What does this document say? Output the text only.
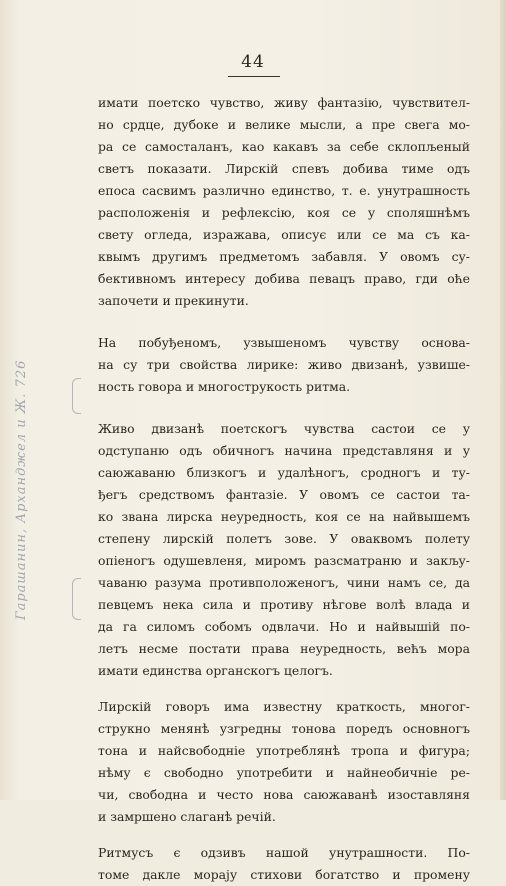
44
имати поетско чувство, живу фантазію, чувствител-
но срдце, дубоке и велике мысли, а пре свега мо-
ра се самосталанъ, као какавъ за себе склопљеный
светъ показати. Лирскій спевъ добива тиме одъ
епоса сасвимъ различно единство, т. е. унутрашность
расположенія и рефлексію, коя се у споляшнѣмъ
свету огледа, изражава, описує или се ма съ ка-
квымъ другимъ предметомъ забавля. У овомъ су-
бективномъ интересу добива певацъ право, гди оће
започети и прекинути.
На побуђеномъ, узвышеномъ чувству основа-
на су три свойства лирике: живо двизанѣ, узвише-
ность говора и многострукость ритма.
Живо двизанѣ поетскогъ чувства састои се у
одступаню одъ обичногъ начина представляня и у
саюжаваню близкогъ и удалѣногъ, сродногъ и ту-
ђегъ средствомъ фантазіе. У овомъ се састои та-
ко звана лирска неуредность, коя се на найвышемъ
степену лирскій полетъ зове. У оваквомъ полету
опіеногъ одушевленя, миромъ разсматраню и закљу-
чаваню разума противположеногъ, чини намъ се, да
певцемъ нека сила и противу нѣгове волѣ влада и
да га силомъ собомъ одвлачи. Но и найвышій по-
летъ несме постати права неуредность, већъ мора
имати единства органскогъ целогъ.
Лирскій говоръ има известну краткость, многог-
струкно менянѣ узгредны тонова поредъ основногъ
тона и найсвободніе употреблянѣ тропа и фигура;
нѣму є свободно употребити и найнеобичніе ре-
чи, свободна и често нова саюжаванѣ изоставляня
и замршено слаганѣ речій.
Ритмусъ є одзивъ нашой унутрашности. По-
томе дакле морају стихови богатство и промену
Гарашанин, Арханджел и Ж. 726
